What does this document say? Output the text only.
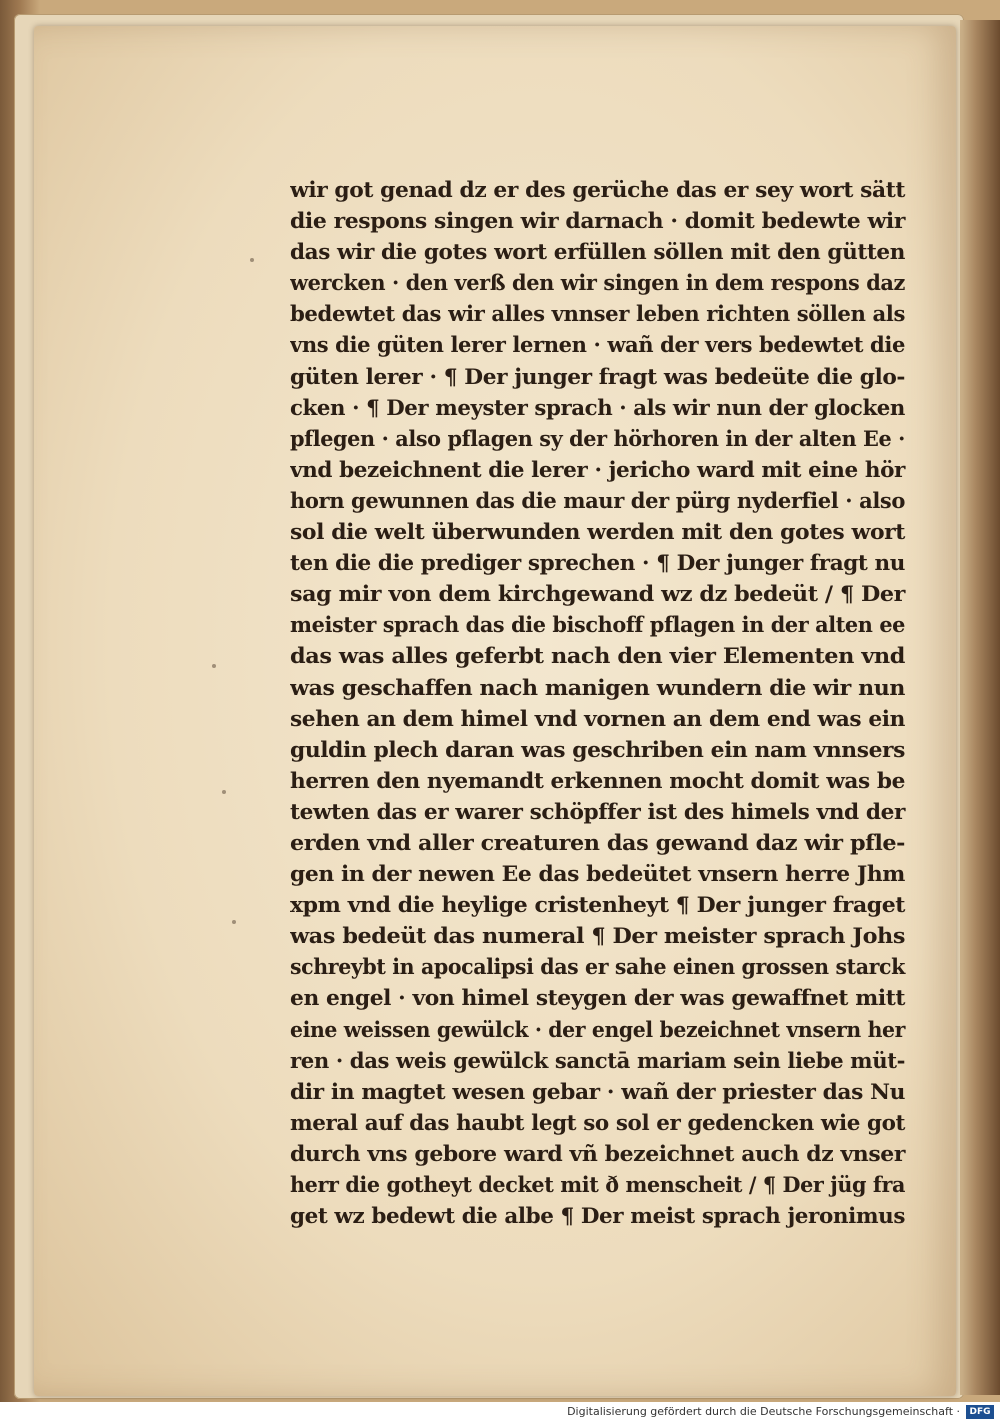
wir got genad dz er des gerüche das er sey wort sätt
die respons singen wir darnach · domit bedewte wir
das wir die gotes wort erfüllen söllen mit den gütten
wercken · den verß den wir singen in dem respons daz
bedewtet das wir alles vnnser leben richten söllen als
vns die güten lerer lernen · wañ der vers bedewtet die
güten lerer · ¶ Der junger fragt was bedeüte die glo-
cken · ¶ Der meyster sprach · als wir nun der glocken
pflegen · also pflagen sy der hörhoren in der alten Ee ·
vnd bezeichnent die lerer · jericho ward mit eine hör
horn gewunnen das die maur der pürg nyderfiel · also
sol die welt überwunden werden mit den gotes wort
ten die die prediger sprechen · ¶ Der junger fragt nu
sag mir von dem kirchgewand wz dz bedeüt / ¶ Der
meister sprach das die bischoff pflagen in der alten ee
das was alles geferbt nach den vier Elementen vnd
was geschaffen nach manigen wundern die wir nun
sehen an dem himel vnd vornen an dem end was ein
guldin plech daran was geschriben ein nam vnnsers
herren den nyemandt erkennen mocht domit was be
tewten das er warer schöpffer ist des himels vnd der
erden vnd aller creaturen das gewand daz wir pfle-
gen in der newen Ee das bedeütet vnsern herre Jhm
xpm vnd die heylige cristenheyt ¶ Der junger fraget
was bedeüt das numeral ¶ Der meister sprach Johs
schreybt in apocalipsi das er sahe einen grossen starck
en engel · von himel steygen der was gewaffnet mitt
eine weissen gewülck · der engel bezeichnet vnsern her
ren · das weis gewülck sanctā mariam sein liebe müt-
dir in magtet wesen gebar · wañ der priester das Nu
meral auf das haubt legt so sol er gedencken wie got
durch vns gebore ward vñ bezeichnet auch dz vnser
herr die gotheyt decket mit ð menscheit / ¶ Der jüg fra
get wz bedewt die albe ¶ Der meist sprach jeronimus
Digitalisierung gefördert durch die Deutsche Forschungsgemeinschaft ·	DFG
